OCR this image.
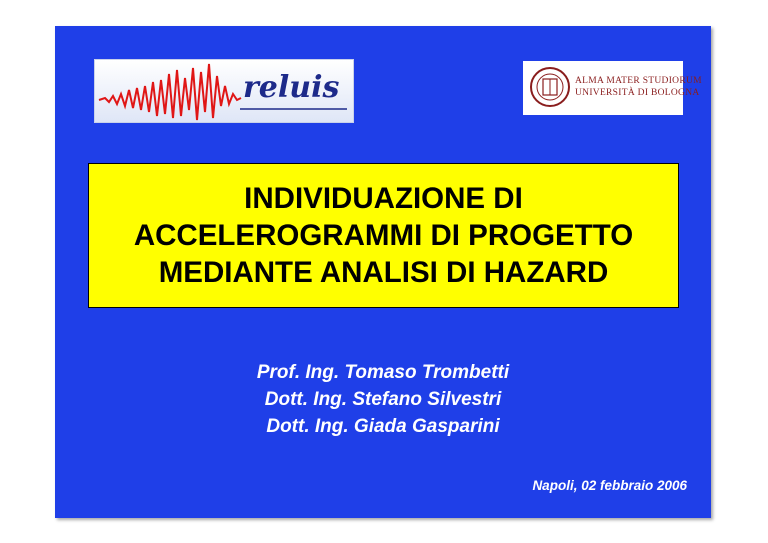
reluis	ALMA MATER STUDIORUM
UNIVERSITÀ DI BOLOGNA
INDIVIDUAZIONE DI
ACCELEROGRAMMI DI PROGETTO
MEDIANTE ANALISI DI HAZARD
Prof. Ing. Tomaso Trombetti
Dott. Ing. Stefano Silvestri
Dott. Ing. Giada Gasparini
Napoli, 02 febbraio 2006
